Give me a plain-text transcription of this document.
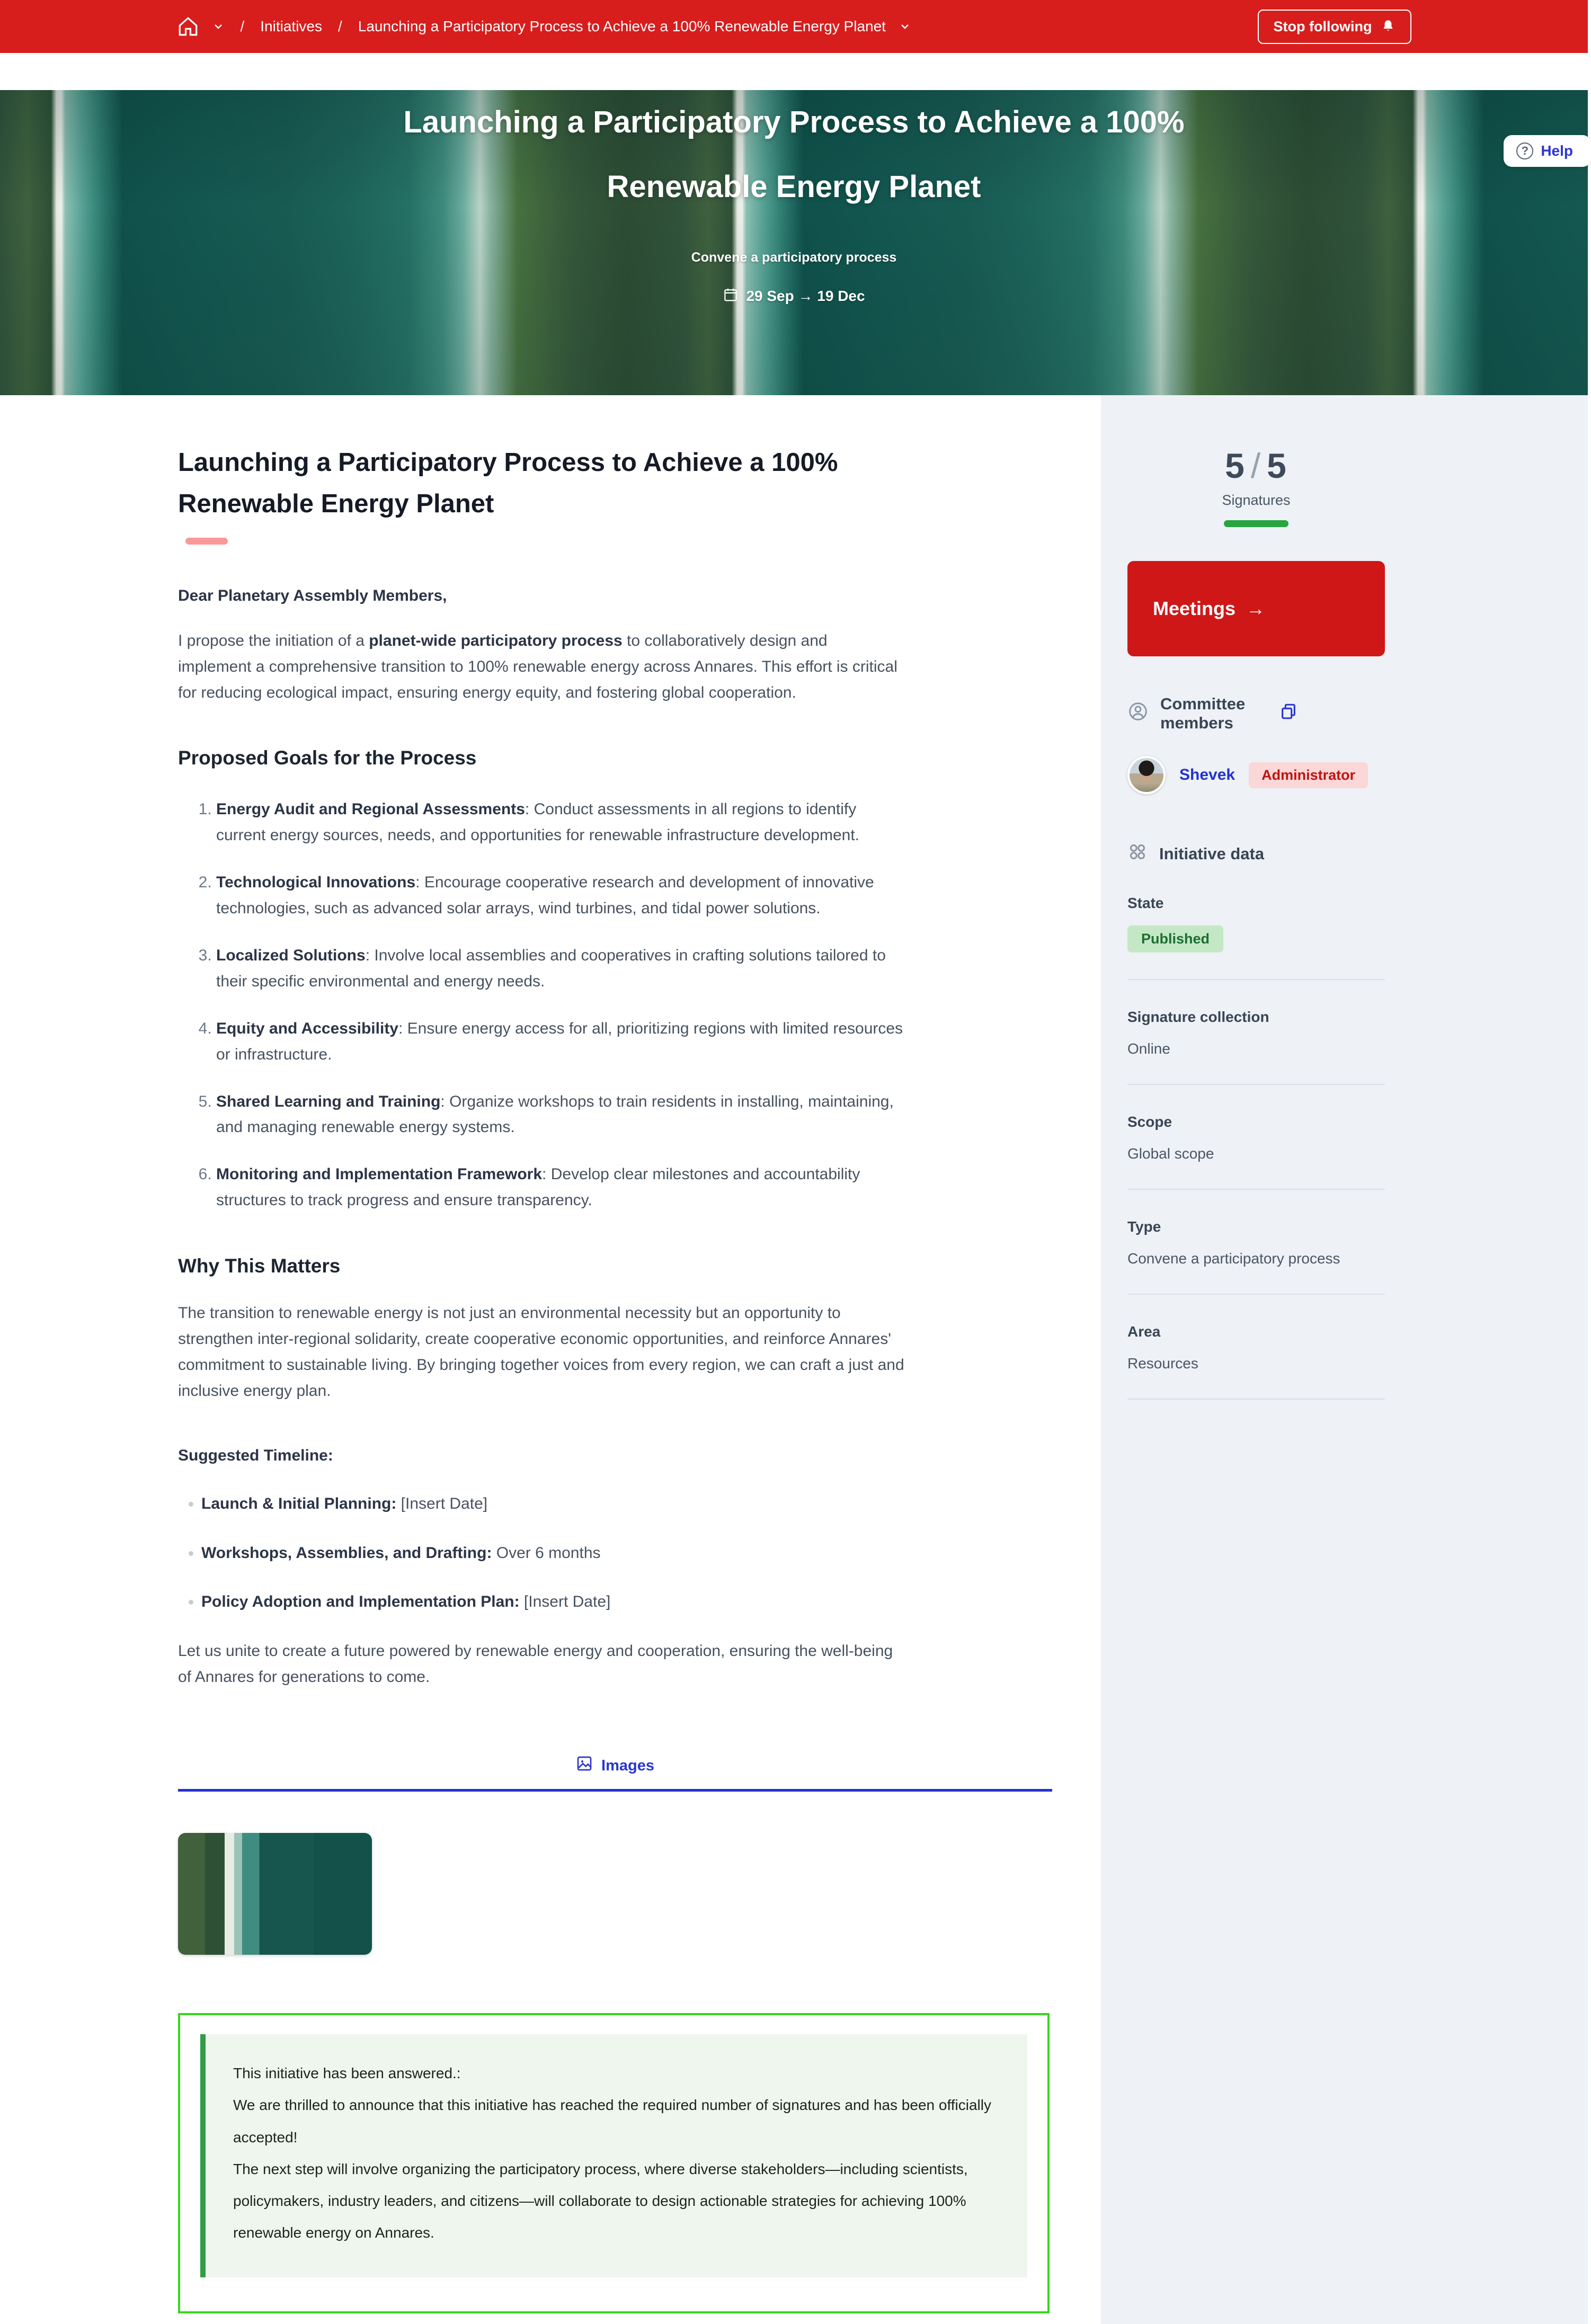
/ Initiatives / Launching a Participatory Process to Achieve a 100% Renewable Energy Planet	Stop following
Launching a Participatory Process to Achieve a 100% Renewable Energy Planet
Convene a participatory process
29 Sep → 19 Dec
? Help
Launching a Participatory Process to Achieve a 100% Renewable Energy Planet
Dear Planetary Assembly Members,

I propose the initiation of a planet-wide participatory process to collaboratively design and implement a comprehensive transition to 100% renewable energy across Annares. This effort is critical for reducing ecological impact, ensuring energy equity, and fostering global cooperation.

Proposed Goals for the Process
1. Energy Audit and Regional Assessments: Conduct assessments in all regions to identify current energy sources, needs, and opportunities for renewable infrastructure development.
2. Technological Innovations: Encourage cooperative research and development of innovative technologies, such as advanced solar arrays, wind turbines, and tidal power solutions.
3. Localized Solutions: Involve local assemblies and cooperatives in crafting solutions tailored to their specific environmental and energy needs.
4. Equity and Accessibility: Ensure energy access for all, prioritizing regions with limited resources or infrastructure.
5. Shared Learning and Training: Organize workshops to train residents in installing, maintaining, and managing renewable energy systems.
6. Monitoring and Implementation Framework: Develop clear milestones and accountability structures to track progress and ensure transparency.
Why This Matters

The transition to renewable energy is not just an environmental necessity but an opportunity to strengthen inter-regional solidarity, create cooperative economic opportunities, and reinforce Annares' commitment to sustainable living. By bringing together voices from every region, we can craft a just and inclusive energy plan.

Suggested Timeline:
• Launch & Initial Planning: [Insert Date]
• Workshops, Assemblies, and Drafting: Over 6 months
• Policy Adoption and Implementation Plan: [Insert Date]

Let us unite to create a future powered by renewable energy and cooperation, ensuring the well-being of Annares for generations to come.

Images

This initiative has been answered.:

We are thrilled to announce that this initiative has reached the required number of signatures and has been officially accepted!

The next step will involve organizing the participatory process, where diverse stakeholders—including scientists, policymakers, industry leaders, and citizens—will collaborate to design actionable strategies for achieving 100% renewable energy on Annares.

5 / 5
Signatures
Meetings →
Committee members
Shevek	Administrator
Initiative data
State
Published
Signature collection
Online
Scope
Global scope
Type
Convene a participatory process
Area
Resources
